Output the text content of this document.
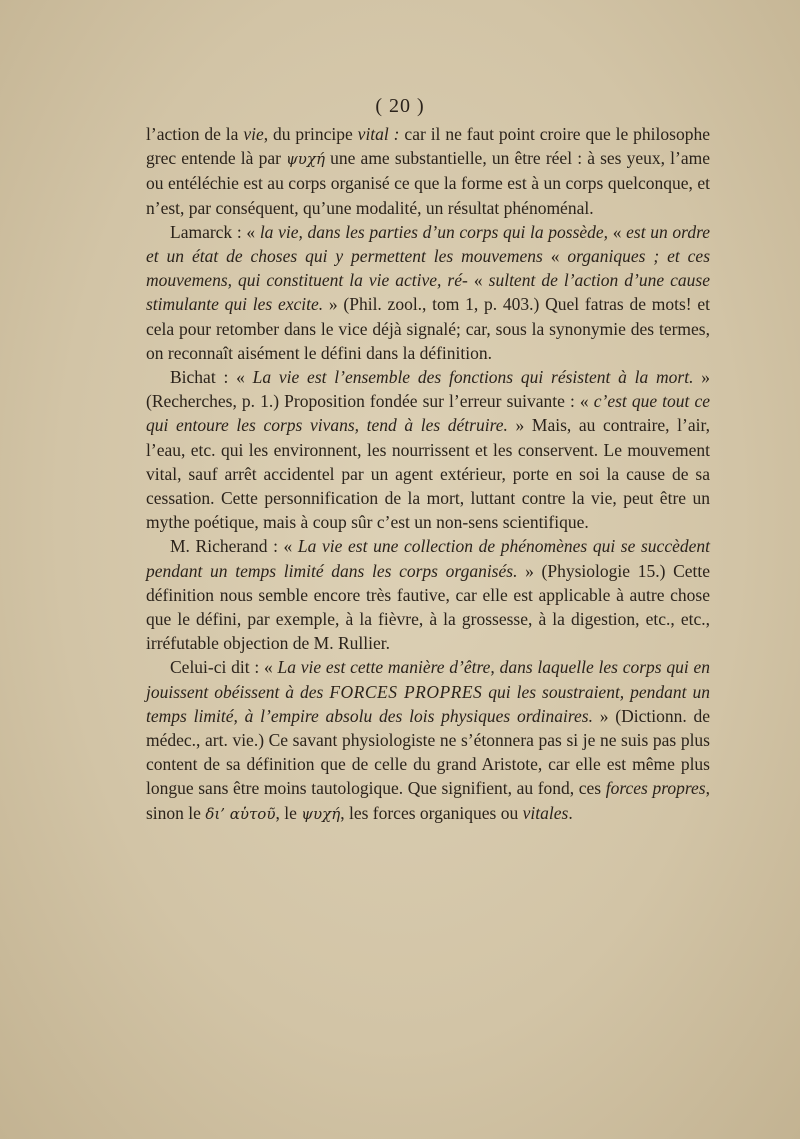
( 20 )

l’action de la vie, du principe vital : car il ne faut point croire que le philosophe grec entende là par ψυχή une ame substantielle, un être réel : à ses yeux, l’ame ou entéléchie est au corps organisé ce que la forme est à un corps quelconque, et n’est, par conséquent, qu’une modalité, un résultat phénoménal.

Lamarck : « la vie, dans les parties d’un corps qui la possède, « est un ordre et un état de choses qui y permettent les mouvemens « organiques ; et ces mouvemens, qui constituent la vie active, ré- « sultent de l’action d’une cause stimulante qui les excite. » (Phil. zool., tom 1, p. 403.) Quel fatras de mots! et cela pour retomber dans le vice déjà signalé; car, sous la synonymie des termes, on reconnaît aisément le défini dans la définition.

Bichat : « La vie est l’ensemble des fonctions qui résistent à la mort. » (Recherches, p. 1.) Proposition fondée sur l’erreur suivante : « c’est que tout ce qui entoure les corps vivans, tend à les détruire. » Mais, au contraire, l’air, l’eau, etc. qui les environnent, les nourrissent et les conservent. Le mouvement vital, sauf arrêt accidentel par un agent extérieur, porte en soi la cause de sa cessation. Cette personnification de la mort, luttant contre la vie, peut être un mythe poétique, mais à coup sûr c’est un non-sens scientifique.

M. Richerand : « La vie est une collection de phénomènes qui se succèdent pendant un temps limité dans les corps organisés. » (Physiologie 15.) Cette définition nous semble encore très fautive, car elle est applicable à autre chose que le défini, par exemple, à la fièvre, à la grossesse, à la digestion, etc., etc., irréfutable objection de M. Rullier.

Celui-ci dit : « La vie est cette manière d’être, dans laquelle les corps qui en jouissent obéissent à des FORCES PROPRES qui les soustraient, pendant un temps limité, à l’empire absolu des lois physiques ordinaires. » (Dictionn. de médec., art. vie.) Ce savant physiologiste ne s’étonnera pas si je ne suis pas plus content de sa définition que de celle du grand Aristote, car elle est même plus longue sans être moins tautologique. Que signifient, au fond, ces forces propres, sinon le δι’ αὑτοῦ, le ψυχή, les forces organiques ou vitales.
